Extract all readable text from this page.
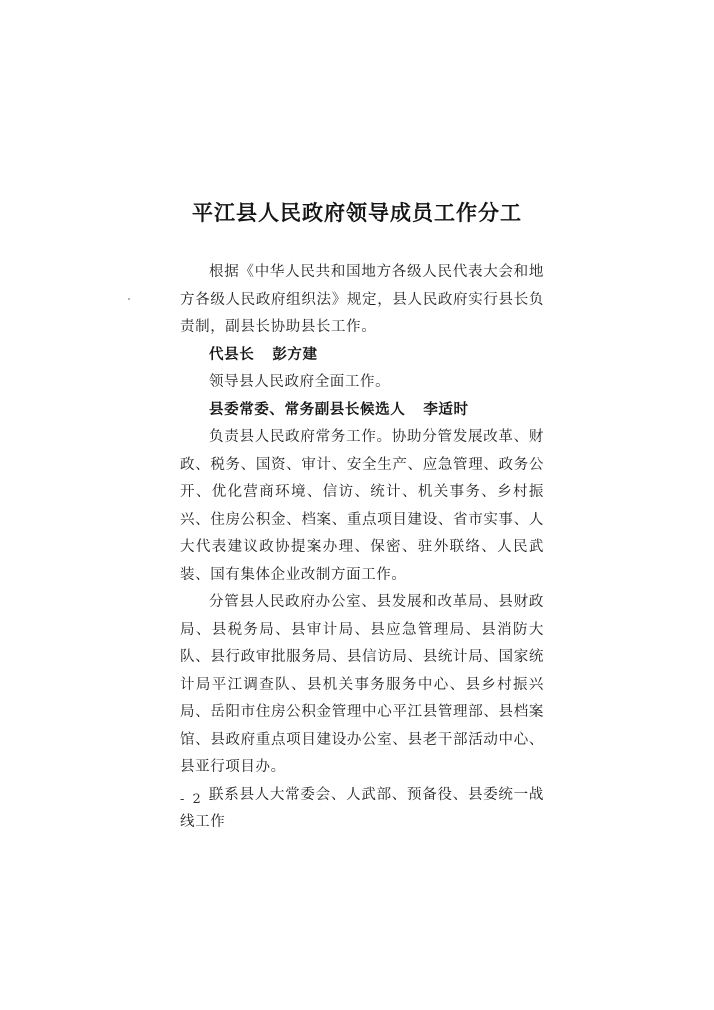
平江县人民政府领导成员工作分工

根据《中华人民共和国地方各级人民代表大会和地方各级人民政府组织法》规定，县人民政府实行县长负责制，副县长协助县长工作。

代县长 彭方建

领导县人民政府全面工作。

县委常委、常务副县长候选人 李适时

负责县人民政府常务工作。协助分管发展改革、财政、税务、国资、审计、安全生产、应急管理、政务公开、优化营商环境、信访、统计、机关事务、乡村振兴、住房公积金、档案、重点项目建设、省市实事、人大代表建议政协提案办理、保密、驻外联络、人民武装、国有集体企业改制方面工作。

分管县人民政府办公室、县发展和改革局、县财政局、县税务局、县审计局、县应急管理局、县消防大队、县行政审批服务局、县信访局、县统计局、国家统计局平江调查队、县机关事务服务中心、县乡村振兴局、岳阳市住房公积金管理中心平江县管理部、县档案馆、县政府重点项目建设办公室、县老干部活动中心、县亚行项目办。

联系县人大常委会、人武部、预备役、县委统一战线工作

- 2 -
